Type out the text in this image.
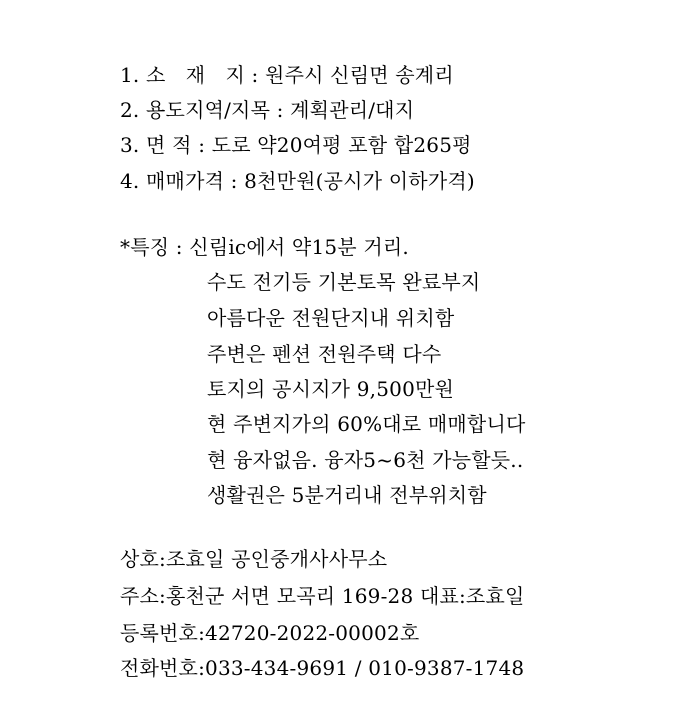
1. 소　재　지 : 원주시 신림면 송계리
2. 용도지역/지목 : 계획관리/대지
3. 면 적 : 도로 약20여평 포함 합265평
4. 매매가격 : 8천만원(공시가 이하가격)
*특징 : 신림ic에서 약15분 거리.
수도 전기등 기본토목 완료부지
아름다운 전원단지내 위치함
주변은 펜션 전원주택 다수
토지의 공시지가 9,500만원
현 주변지가의 60%대로 매매합니다
현 융자없음. 융자5~6천 가능할듯..
생활권은 5분거리내 전부위치함
상호:조효일 공인중개사사무소
주소:홍천군 서면 모곡리 169-28 대표:조효일
등록번호:42720-2022-00002호
전화번호:033-434-9691 / 010-9387-1748
